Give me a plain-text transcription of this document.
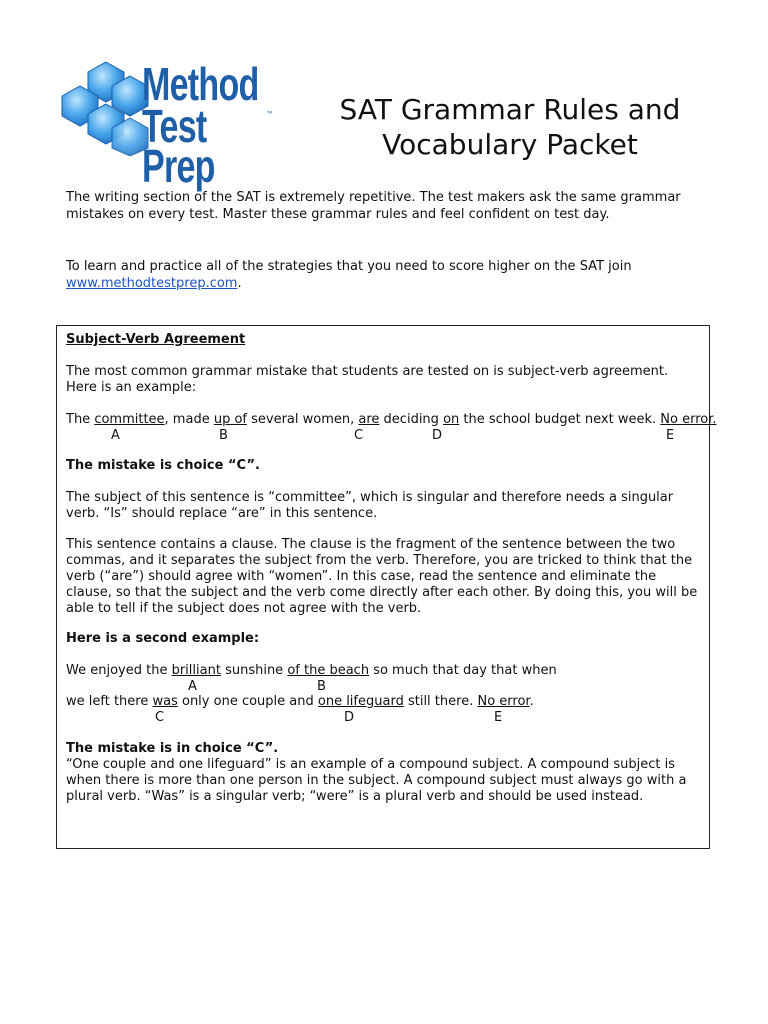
Method
Test Prep
™	SAT Grammar Rules and
Vocabulary Packet
The writing section of the SAT is extremely repetitive. The test makers ask the same grammar mistakes on every test. Master these grammar rules and feel confident on test day.
To learn and practice all of the strategies that you need to score higher on the SAT join www.methodtestprep.com.
Subject-Verb Agreement
The most common grammar mistake that students are tested on is subject-verb agreement. Here is an example:
The committee, made up of several women, are deciding on the school budget next week. No error.
A	B	C	D	E
The mistake is choice “C”.
The subject of this sentence is “committee”, which is singular and therefore needs a singular verb. “Is” should replace “are” in this sentence.
This sentence contains a clause. The clause is the fragment of the sentence between the two commas, and it separates the subject from the verb. Therefore, you are tricked to think that the verb (“are”) should agree with “women”. In this case, read the sentence and eliminate the clause, so that the subject and the verb come directly after each other. By doing this, you will be able to tell if the subject does not agree with the verb.
Here is a second example:
We enjoyed the brilliant sunshine of the beach so much that day that when
A	B
we left there was only one couple and one lifeguard still there. No error.
C	D	E
The mistake is in choice “C”.
“One couple and one lifeguard” is an example of a compound subject. A compound subject is when there is more than one person in the subject. A compound subject must always go with a plural verb. “Was” is a singular verb; “were” is a plural verb and should be used instead.
